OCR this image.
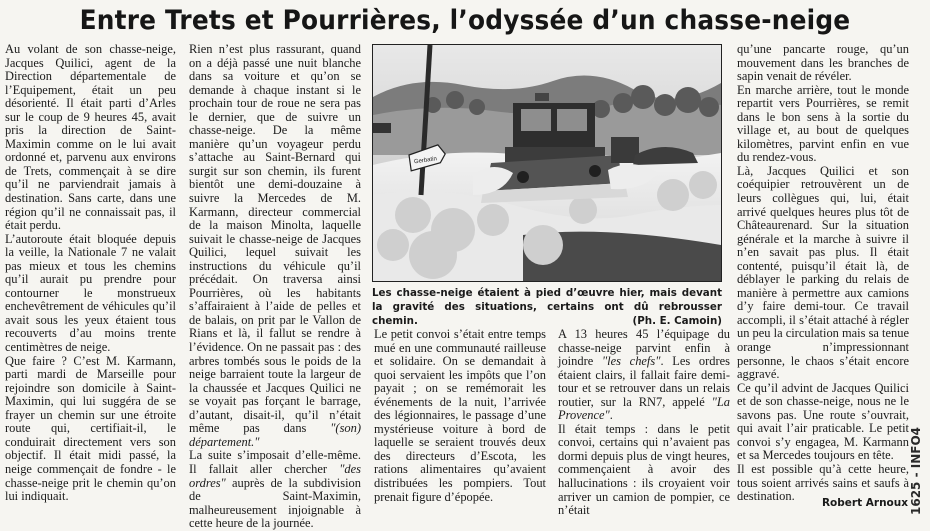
Entre Trets et Pourrières, l’odyssée d’un chasse-neige

Au volant de son chasse-neige, Jacques Quilici, agent de la Direction départementale de l’Equipement, était un peu désorienté. Il était parti d’Arles sur le coup de 9 heures 45, avait pris la direction de Saint-Maximin comme on le lui avait ordonné et, parvenu aux environs de Trets, commençait à se dire qu’il ne parviendrait jamais à destination. Sans carte, dans une région qu’il ne connaissait pas, il était perdu.

L’autoroute était bloquée depuis la veille, la Nationale 7 ne valait pas mieux et tous les chemins qu’il aurait pu prendre pour contourner le monstrueux enchevêtrement de véhicules qu’il avait sous les yeux étaient tous recouverts d’au moins trente centimètres de neige.

Que faire ? C’est M. Karmann, parti mardi de Marseille pour rejoindre son domicile à Saint-Maximin, qui lui suggéra de se frayer un chemin sur une étroite route qui, certifiait-il, le conduirait directement vers son objectif. Il était midi passé, la neige commençait de fondre - le chasse-neige prit le chemin qu’on lui indiquait.

Rien n’est plus rassurant, quand on a déjà passé une nuit blanche dans sa voiture et qu’on se demande à chaque instant si le prochain tour de roue ne sera pas le dernier, que de suivre un chasse-neige. De la même manière qu’un voyageur perdu s’attache au Saint-Bernard qui surgit sur son chemin, ils furent bientôt une demi-douzaine à suivre la Mercedes de M. Karmann, directeur commercial de la maison Minolta, laquelle suivait le chasse-neige de Jacques Quilici, lequel suivait les instructions du véhicule qu’il précédait. On traversa ainsi Pourrières, où les habitants s’affairaient à l’aide de pelles et de balais, on prit par le Vallon de Rians et là, il fallut se rendre à l’évidence. On ne passait pas : des arbres tombés sous le poids de la neige barraient toute la largeur de la chaussée et Jacques Quilici ne se voyait pas forçant le barrage, d’autant, disait-il, qu’il n’était même pas dans "(son) département."

La suite s’imposait d’elle-même. Il fallait aller chercher "des ordres" auprès de la subdivision de Saint-Maximin, malheureusement injoignable à cette heure de la journée.

Gerbatin
Les chasse-neige étaient à pied d’œuvre hier, mais devant la gravité des situations, certains ont dû rebrousser chemin.	(Ph. E. Camoin)

Le petit convoi s’était entre temps mué en une communauté railleuse et solidaire. On se demandait à quoi servaient les impôts que l’on payait ; on se remémorait les événements de la nuit, l’arrivée des légionnaires, le passage d’une mystérieuse voiture à bord de laquelle se seraient trouvés deux des directeurs d’Escota, les rations alimentaires qu’avaient distribuées les pompiers. Tout prenait figure d’épopée.

A 13 heures 45 l’équipage du chasse-neige parvint enfin à joindre "les chefs". Les ordres étaient clairs, il fallait faire demi-tour et se retrouver dans un relais routier, sur la RN7, appelé "La Provence".

Il était temps : dans le petit convoi, certains qui n’avaient pas dormi depuis plus de vingt heures, commençaient à avoir des hallucinations : ils croyaient voir arriver un camion de pompier, ce n’était

qu’une pancarte rouge, qu’un mouvement dans les branches de sapin venait de révéler.

En marche arrière, tout le monde repartit vers Pourrières, se remit dans le bon sens à la sortie du village et, au bout de quelques kilomètres, parvint enfin en vue du rendez-vous.

Là, Jacques Quilici et son coéquipier retrouvèrent un de leurs collègues qui, lui, était arrivé quelques heures plus tôt de Châteaurenard. Sur la situation générale et la marche à suivre il n’en savait pas plus. Il était contenté, puisqu’il était là, de déblayer le parking du relais de manière à permettre aux camions d’y faire demi-tour. Ce travail accompli, il s’était attaché à régler un peu la circulation mais sa tenue orange n’impressionnant personne, le chaos s’était encore aggravé.

Ce qu’il advint de Jacques Quilici et de son chasse-neige, nous ne le savons pas. Une route s’ouvrait, qui avait l’air praticable. Le petit convoi s’y engagea, M. Karmann et sa Mercedes toujours en tête.

Il est possible qu’à cette heure, tous soient arrivés sains et saufs à destination.	Robert Arnoux 1625 - INFO4
